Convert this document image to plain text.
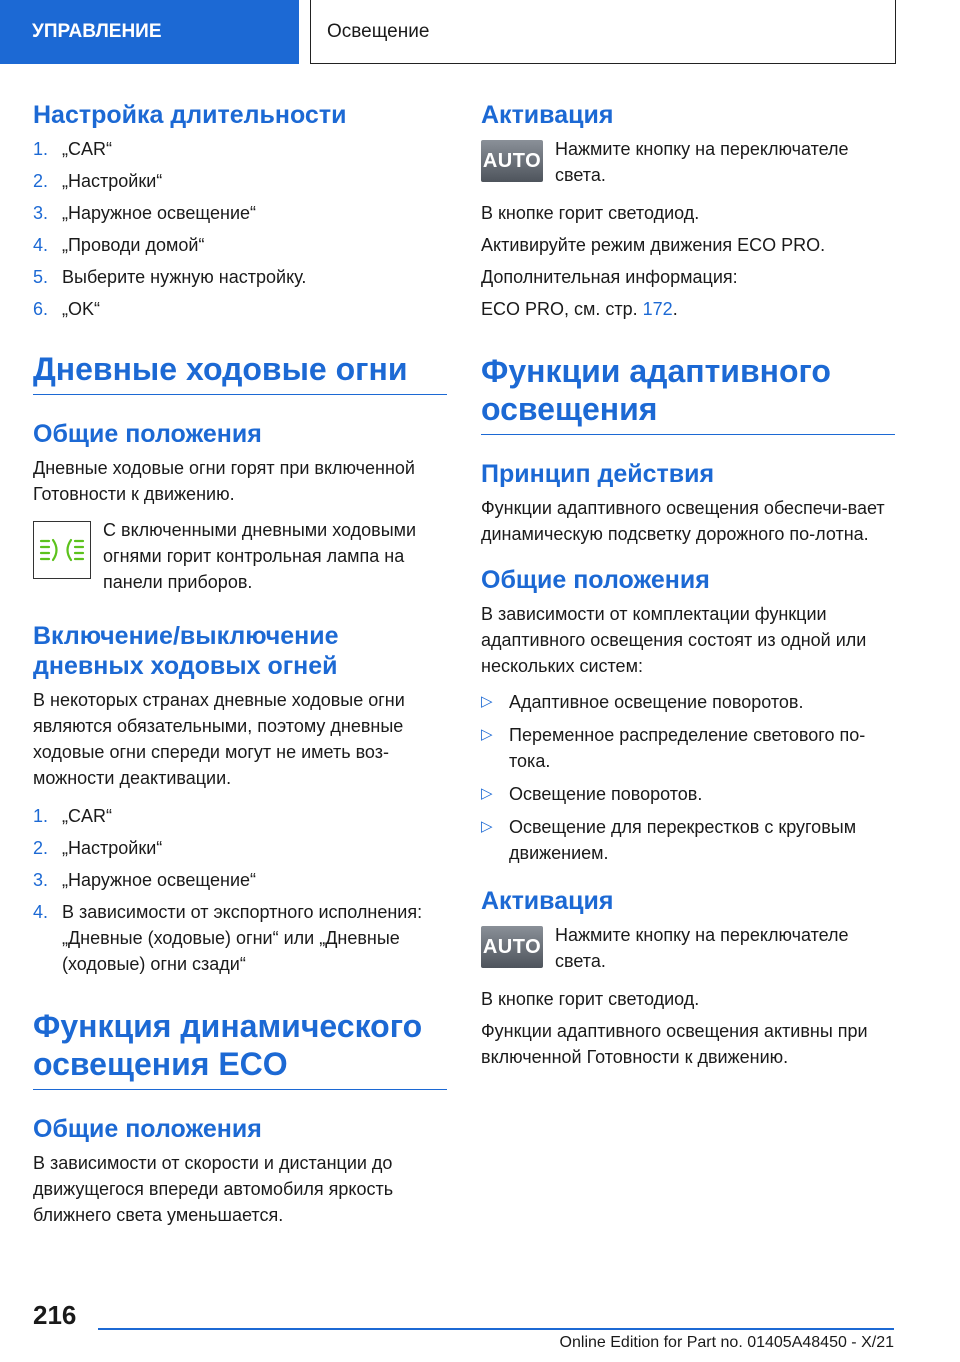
УПРАВЛЕНИЕ	Освещение
Настройка длительности
1. „CAR“
2. „Настройки“
3. „Наружное освещение“
4. „Проводи домой“
5. Выберите нужную настройку.
6. „OK“
Дневные ходовые огни
Общие положения

Дневные ходовые огни горят при включенной Готовности к движению.

С включенными дневными ходовыми огнями горит контрольная лампа на панели приборов.

Включение/выключение дневных ходовых огней

В некоторых странах дневные ходовые огни являются обязательными, поэтому дневные ходовые огни спереди могут не иметь воз-можности деактивации.

1. „CAR“
2. „Настройки“
3. „Наружное освещение“
4. В зависимости от экспортного исполнения: „Дневные (ходовые) огни“ или „Дневные (ходовые) огни сзади“
Функция динамического освещения ECO
Общие положения

В зависимости от скорости и дистанции до движущегося впереди автомобиля яркость ближнего света уменьшается.

Активация
AUTO

Нажмите кнопку на переключателе света.

В кнопке горит светодиод.

Активируйте режим движения ECO PRO.

Дополнительная информация:

ECO PRO, см. стр. 172.

Функции адаптивного освещения
Принцип действия

Функции адаптивного освещения обеспечи-вает динамическую подсветку дорожного по-лотна.

Общие положения

В зависимости от комплектации функции адаптивного освещения состоят из одной или нескольких систем:

▷ Адаптивное освещение поворотов.
▷ Переменное распределение светового по-тока.
▷ Освещение поворотов.
▷ Освещение для перекрестков с круговым движением.
Активация
AUTO

Нажмите кнопку на переключателе света.

В кнопке горит светодиод.

Функции адаптивного освещения активны при включенной Готовности к движению.

216
Online Edition for Part no. 01405A48450 - X/21
